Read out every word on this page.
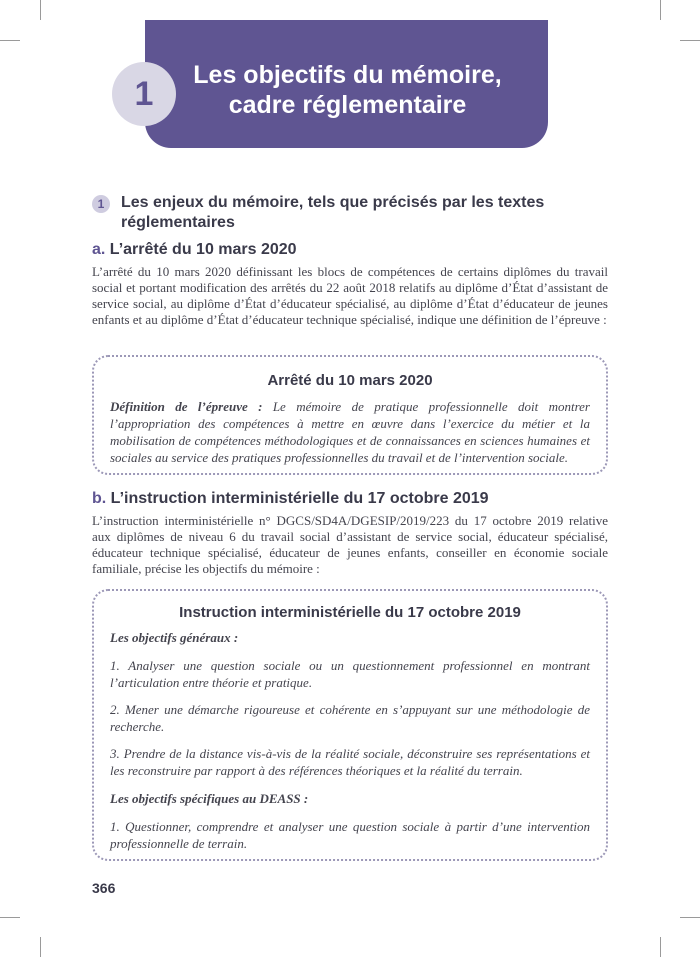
1	Les objectifs du mémoire,
cadre réglementaire
1	Les enjeux du mémoire, tels que précisés par les textes réglementaires
a. L’arrêté du 10 mars 2020

L’arrêté du 10 mars 2020 définissant les blocs de compétences de certains diplômes du travail social et portant modification des arrêtés du 22 août 2018 relatifs au diplôme d’État d’assistant de service social, au diplôme d’État d’éducateur spécialisé, au diplôme d’État d’éducateur de jeunes enfants et au diplôme d’État d’éducateur technique spécialisé, indique une définition de l’épreuve :

Arrêté du 10 mars 2020

Définition de l’épreuve : Le mémoire de pratique professionnelle doit montrer l’appropriation des compétences à mettre en œuvre dans l’exercice du métier et la mobilisation de compétences méthodologiques et de connaissances en sciences humaines et sociales au service des pratiques professionnelles du travail et de l’intervention sociale.

b. L’instruction interministérielle du 17 octobre 2019

L’instruction interministérielle n° DGCS/SD4A/DGESIP/2019/223 du 17 octobre 2019 relative aux diplômes de niveau 6 du travail social d’assistant de service social, éducateur spécialisé, éducateur technique spécialisé, éducateur de jeunes enfants, conseiller en économie sociale familiale, précise les objectifs du mémoire :

Instruction interministérielle du 17 octobre 2019

Les objectifs généraux :

1. Analyser une question sociale ou un questionnement professionnel en montrant l’articulation entre théorie et pratique.

2. Mener une démarche rigoureuse et cohérente en s’appuyant sur une méthodologie de recherche.

3. Prendre de la distance vis-à-vis de la réalité sociale, déconstruire ses représentations et les reconstruire par rapport à des références théoriques et la réalité du terrain.

Les objectifs spécifiques au DEASS :

1. Questionner, comprendre et analyser une question sociale à partir d’une intervention professionnelle de terrain.

366
